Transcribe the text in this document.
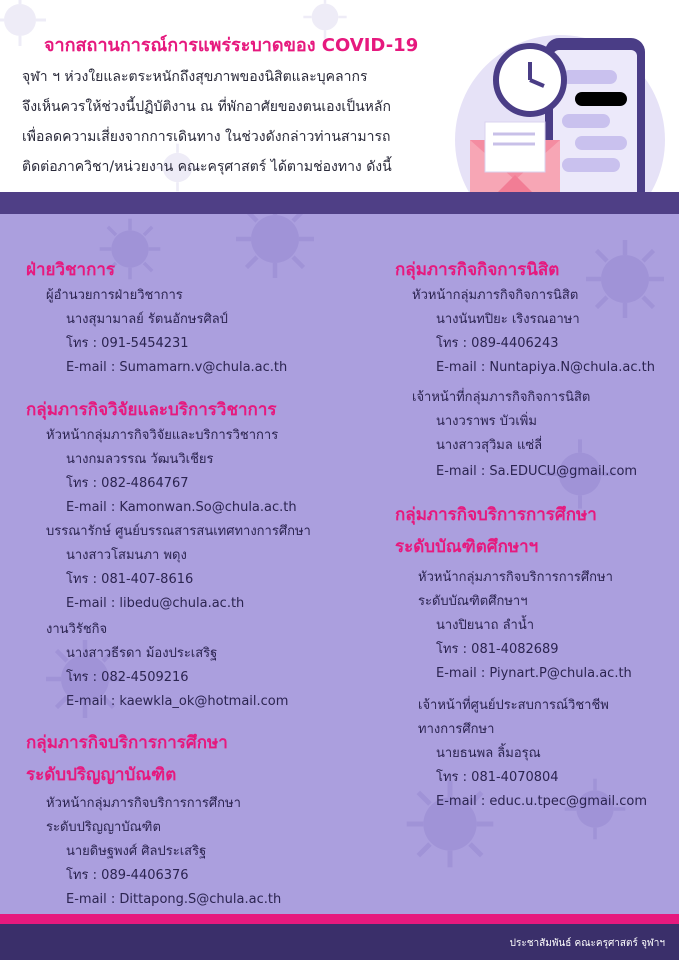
จากสถานการณ์การแพร่ระบาดของ COVID-19
จุฬา ฯ ห่วงใยและตระหนักถึงสุขภาพของนิสิตและบุคลากร
จึงเห็นควรให้ช่วงนี้ปฏิบัติงาน ณ ที่พักอาศัยของตนเองเป็นหลัก
เพื่อลดความเสี่ยงจากการเดินทาง ในช่วงดังกล่าวท่านสามารถ
ติดต่อภาควิชา/หน่วยงาน คณะครุศาสตร์ ได้ตามช่องทาง ดังนี้
ฝ่ายวิชาการ
ผู้อำนวยการฝ่ายวิชาการ
นางสุมามาลย์ รัตนอักษรศิลป์
โทร : 091-5454231
E-mail : Sumamarn.v@chula.ac.th
กลุ่มภารกิจวิจัยและบริการวิชาการ
หัวหน้ากลุ่มภารกิจวิจัยและบริการวิชาการ
นางกมลวรรณ วัฒนวิเชียร
โทร : 082-4864767
E-mail : Kamonwan.So@chula.ac.th
บรรณารักษ์ ศูนย์บรรณสารสนเทศทางการศึกษา
นางสาวโสมนภา พดุง
โทร : 081-407-8616
E-mail : libedu@chula.ac.th
งานวิรัชกิจ
นางสาวธีรดา ม้องประเสริฐ
โทร : 082-4509216
E-mail : kaewkla_ok@hotmail.com
กลุ่มภารกิจบริการการศึกษา
ระดับปริญญาบัณฑิต
หัวหน้ากลุ่มภารกิจบริการการศึกษา
ระดับปริญญาบัณฑิต
นายดิษฐพงศ์ ศิลประเสริฐ
โทร : 089-4406376
E-mail : Dittapong.S@chula.ac.th
กลุ่มภารกิจกิจการนิสิต
หัวหน้ากลุ่มภารกิจกิจการนิสิต
นางนันทปิยะ เริงรณอาษา
โทร : 089-4406243
E-mail : Nuntapiya.N@chula.ac.th
เจ้าหน้าที่กลุ่มภารกิจกิจการนิสิต
นางวราพร บัวเพิ่ม
นางสาวสุวิมล แซ่ลี่
E-mail : Sa.EDUCU@gmail.com
กลุ่มภารกิจบริการการศึกษา
ระดับบัณฑิตศึกษาฯ
หัวหน้ากลุ่มภารกิจบริการการศึกษา
ระดับบัณฑิตศึกษาฯ
นางปิยนาถ ลำน้ำ
โทร : 081-4082689
E-mail : Piynart.P@chula.ac.th
เจ้าหน้าที่ศูนย์ประสบการณ์วิชาชีพ
ทางการศึกษา
นายธนพล ลิ้มอรุณ
โทร : 081-4070804
E-mail : educ.u.tpec@gmail.com
ประชาสัมพันธ์ คณะครุศาสตร์ จุฬาฯ
